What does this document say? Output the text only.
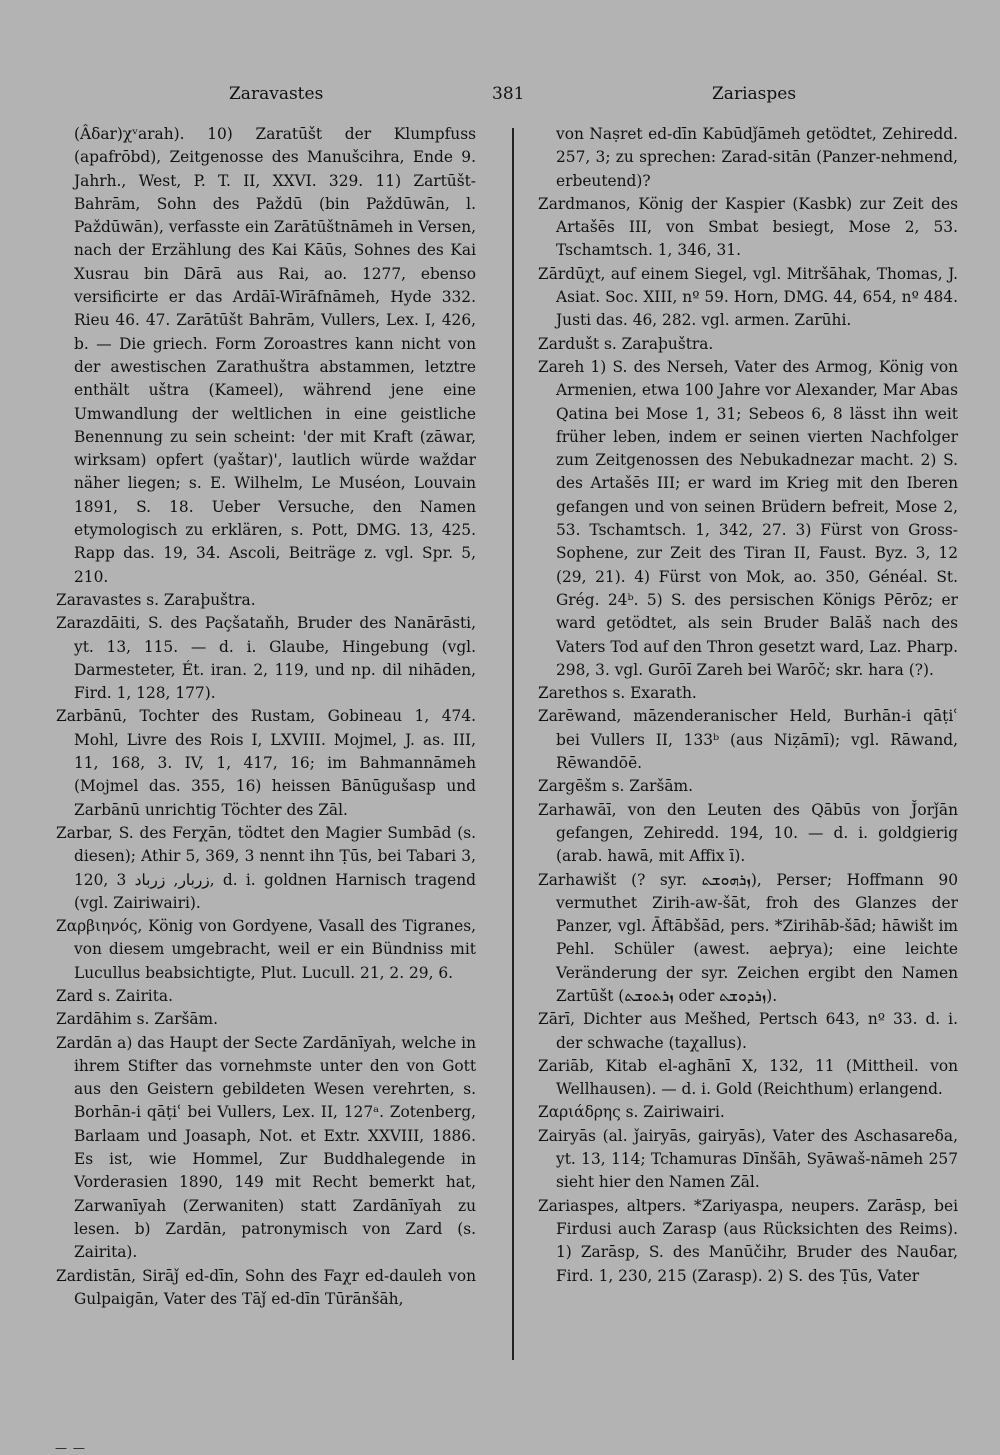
Zaravastes	381	Zariaspes

(Âδar)χᵛarah). 10) Zaratūšt der Klumpfuss (apafrōbd), Zeitgenosse des Manušcihra, Ende 9. Jahrh., West, P. T. II, XXVI. 329. 11) Zartūšt-Bahrām, Sohn des Paždū (bin Paždūwān, l. Paždūwān), verfasste ein Zarātūštnāmeh in Versen, nach der Erzählung des Kai Kāūs, Sohnes des Kai Xusrau bin Dārā aus Rai, ao. 1277, ebenso versificirte er das Ardāī-Wīrāfnāmeh, Hyde 332. Rieu 46. 47. Zarātūšt Bahrām, Vullers, Lex. I, 426, b. — Die griech. Form Zoroastres kann nicht von der awestischen Zarathuštra abstammen, letztre enthält uštra (Kameel), während jene eine Umwandlung der weltlichen in eine geistliche Benennung zu sein scheint: 'der mit Kraft (zāwar, wirksam) opfert (yaštar)', lautlich würde waždar näher liegen; s. E. Wilhelm, Le Muséon, Louvain 1891, S. 18. Ueber Versuche, den Namen etymologisch zu erklären, s. Pott, DMG. 13, 425. Rapp das. 19, 34. Ascoli, Beiträge z. vgl. Spr. 5, 210.

Zaravastes s. Zaraþuštra.

Zarazdāiti, S. des Paçšataňh, Bruder des Nanārāsti, yt. 13, 115. — d. i. Glaube, Hingebung (vgl. Darmesteter, Ét. iran. 2, 119, und np. dil nihāden, Fird. 1, 128, 177).

Zarbānū, Tochter des Rustam, Gobineau 1, 474. Mohl, Livre des Rois I, LXVIII. Mojmel, J. as. III, 11, 168, 3. IV, 1, 417, 16; im Bahmannāmeh (Mojmel das. 355, 16) heissen Bānūgušasp und Zarbānū unrichtig Töchter des Zāl.

Zarbar, S. des Ferχān, tödtet den Magier Sumbād (s. diesen); Athir 5, 369, 3 nennt ihn Ṭūs, bei Tabari 3, 120, 3 زربار, زرباد, d. i. goldnen Harnisch tragend (vgl. Zairiwairi).

Ζαρβιηνός, König von Gordyene, Vasall des Tigranes, von diesem umgebracht, weil er ein Bündniss mit Lucullus beabsichtigte, Plut. Lucull. 21, 2. 29, 6.

Zard s. Zairita.

Zardāhim s. Zaršām.

Zardān a) das Haupt der Secte Zardānīyah, welche in ihrem Stifter das vornehmste unter den von Gott aus den Geistern gebildeten Wesen verehrten, s. Borhān-i qāṭiʿ bei Vullers, Lex. II, 127ᵃ. Zotenberg, Barlaam und Joasaph, Not. et Extr. XXVIII, 1886. Es ist, wie Hommel, Zur Buddhalegende in Vorderasien 1890, 149 mit Recht bemerkt hat, Zarwanīyah (Zerwaniten) statt Zardānīyah zu lesen. b) Zardān, patronymisch von Zard (s. Zairita).

Zardistān, Sirāǰ ed-dīn, Sohn des Faχr ed-dauleh von Gulpaigān, Vater des Tāǰ ed-dīn Tūrānšāh,

von Naṣret ed-dīn Kabūdǰāmeh getödtet, Zehiredd. 257, 3; zu sprechen: Zarad-sitān (Panzer-nehmend, erbeutend)?

Zardmanos, König der Kaspier (Kasbk) zur Zeit des Artašēs III, von Smbat besiegt, Mose 2, 53. Tschamtsch. 1, 346, 31.

Zārdūχt, auf einem Siegel, vgl. Mitršāhak, Thomas, J. Asiat. Soc. XIII, nº 59. Horn, DMG. 44, 654, nº 484. Justi das. 46, 282. vgl. armen. Zarūhi.

Zardušt s. Zaraþuštra.

Zareh 1) S. des Nerseh, Vater des Armog, König von Armenien, etwa 100 Jahre vor Alexander, Mar Abas Qatina bei Mose 1, 31; Sebeos 6, 8 lässt ihn weit früher leben, indem er seinen vierten Nachfolger zum Zeitgenossen des Nebukadnezar macht. 2) S. des Artašēs III; er ward im Krieg mit den Iberen gefangen und von seinen Brüdern befreit, Mose 2, 53. Tschamtsch. 1, 342, 27. 3) Fürst von Gross-Sophene, zur Zeit des Tiran II, Faust. Byz. 3, 12 (29, 21). 4) Fürst von Mok, ao. 350, Généal. St. Grég. 24ᵇ. 5) S. des persischen Königs Pērōz; er ward getödtet, als sein Bruder Balāš nach des Vaters Tod auf den Thron gesetzt ward, Laz. Pharp. 298, 3. vgl. Gurōī Zareh bei Warōč; skr. hara (?).

Zarethos s. Exarath.

Zarēwand, māzenderanischer Held, Burhān-i qāṭiʿ bei Vullers II, 133ᵇ (aus Niẓāmī); vgl. Rāwand, Rēwandōē.

Zargēšm s. Zaršām.

Zarhawāī, von den Leuten des Qābūs von J̌orǰān gefangen, Zehiredd. 194, 10. — d. i. goldgierig (arab. hawā, mit Affix ī).

Zarhawišt (? syr. ܙܪܗܘܫܬ), Perser; Hoffmann 90 vermuthet Zirih-aw-šāt, froh des Glanzes der Panzer, vgl. Āftābšād, pers. *Zirihāb-šād; hāwišt im Pehl. Schüler (awest. aeþrya); eine leichte Veränderung der syr. Zeichen ergibt den Namen Zartūšt (ܙܪܬܘܫܬ oder ܙܪܕܘܫܬ).

Zārī, Dichter aus Mešhed, Pertsch 643, nº 33. d. i. der schwache (taχallus).

Zariāb, Kitab el-aghānī X, 132, 11 (Mittheil. von Wellhausen). — d. i. Gold (Reichthum) erlangend.

Ζαριάδρης s. Zairiwairi.

Zairyās (al. ǰairyās, gairyās), Vater des Aschasareδa, yt. 13, 114; Tchamuras Dīnšāh, Syāwaš-nāmeh 257 sieht hier den Namen Zāl.

Zariaspes, altpers. *Zariyaspa, neupers. Zarāsp, bei Firdusi auch Zarasp (aus Rücksichten des Reims). 1) Zarāsp, S. des Manūčihr, Bruder des Nauδar, Fird. 1, 230, 215 (Zarasp). 2) S. des Ṭūs, Vater

— —
